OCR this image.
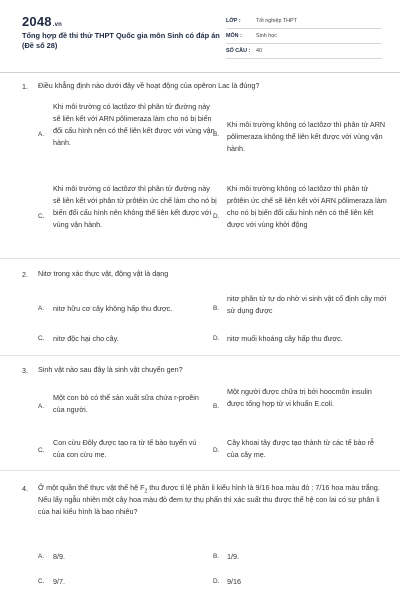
2048.vn
Tổng hợp đề thi thử THPT Quốc gia môn Sinh có đáp án (Đề số 28)
LỚP :	Tốt nghiệp THPT
MÔN :	Sinh học
SỐ CÂU :	40
1. Điều khẳng định nào dưới đây về hoạt động của opêron Lac là đúng?
A.
Khi môi trường có lactôzơ thì phân tử đường này sẽ liên kết với ARN pôlimeraza làm cho nó bị biến đổi cấu hình nên có thể liên kết được với vùng vận hành.
B.
Khi môi trường không có lactôzơ thì phân tử ARN pôlimeraza không thể liên kết được với vùng vận hành.
C.
Khi môi trường có lactôzơ thì phân tử đường này sẽ liên kết với phân tử prôtêin ức chế làm cho nó bị biến đổi cấu hình nên không thể liên kết được với vùng vận hành.
D.
Khi môi trường không có lactôzơ thì phân tử prôtêin ức chế sẽ liên kết với ARN pôlimeraza làm cho nó bị biến đổi cấu hình nên có thể liên kết được với vùng khởi động
2. Nitơ trong xác thực vật, động vật là dạng
A. nitơ hữu cơ cây không hấp thu được.	B.
nitơ phân tử tự do nhờ vi sinh vật cố định cây mới sử dụng được
C. nitơ độc hại cho cây.	D. nitơ muối khoáng cây hấp thu được.
3. Sinh vật nào sau đây là sinh vật chuyển gen?
A.
Một con bò có thể sản xuất sữa chứa r-proêin của người.	B.
Một người được chữa trị bởi hoocmôn insulin được tổng hợp từ vi khuẩn E.coli.
C.
Con cừu Đôly được tạo ra từ tế bào tuyến vú của con cừu mẹ.	D.
Cây khoai tây được tạo thành từ các tế bào rễ của cây mẹ.
4. Ở một quần thể thực vật thế hệ $F_2$ thu được tỉ lệ phân li kiểu hình là 9/16 hoa màu đỏ : 7/16 hoa màu trắng. Nếu lấy ngẫu nhiên một cây hoa màu đỏ đem tự thụ phấn thì xác suất thu được thế hệ con lai có sự phân li của hai kiểu hình là bao nhiêu?
A. 8/9.	B. 1/9.
C. 9/7.	D. 9/16
